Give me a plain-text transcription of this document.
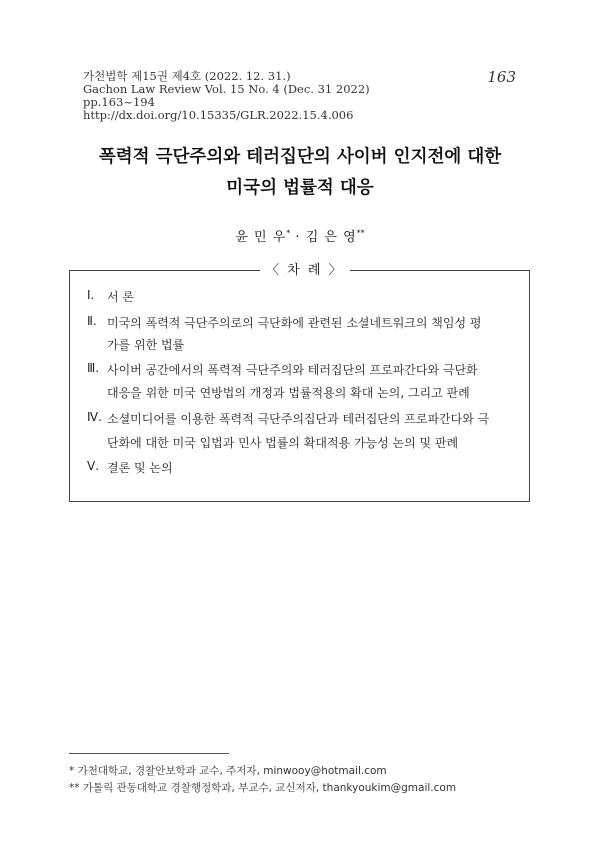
가천법학 제15권 제4호 (2022. 12. 31.)
Gachon Law Review Vol. 15 No. 4 (Dec. 31 2022)
pp.163~194
http://dx.doi.org/10.15335/GLR.2022.15.4.006
163
폭력적 극단주의와 테러집단의 사이버 인지전에 대한
미국의 법률적 대응
윤 민 우* · 김 은 영**
〈 차 례 〉
Ⅰ. 서 론
Ⅱ. 미국의 폭력적 극단주의로의 극단화에 관련된 소셜네트워크의 책임성 평
가를 위한 법률
Ⅲ. 사이버 공간에서의 폭력적 극단주의와 테러집단의 프로파간다와 극단화
대응을 위한 미국 연방법의 개정과 법률적용의 확대 논의, 그리고 판례
Ⅳ. 소셜미디어를 이용한 폭력적 극단주의집단과 테러집단의 프로파간다와 극
단화에 대한 미국 입법과 민사 법률의 확대적용 가능성 논의 및 판례
Ⅴ. 결론 및 논의
* 가천대학교, 경찰안보학과 교수, 주저자, minwooy@hotmail.com
** 가톨릭 관동대학교 경찰행정학과, 부교수, 교신저자, thankyoukim@gmail.com
